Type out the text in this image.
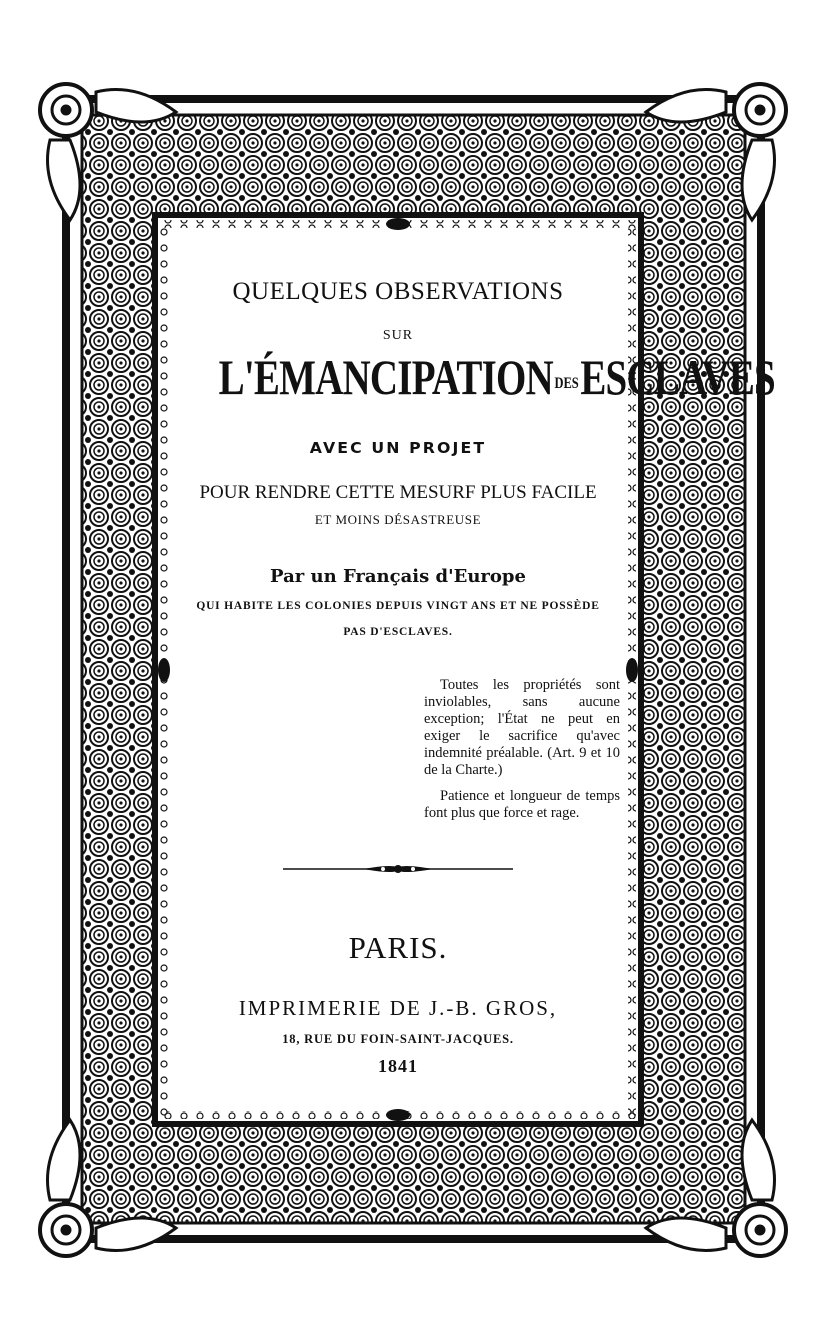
QUELQUES OBSERVATIONS
SUR
L'ÉMANCIPATIONDESESCLAVES
AVEC UN PROJET
POUR RENDRE CETTE MESURF PLUS FACILE
ET MOINS DÉSASTREUSE
Par un Français d'Europe
QUI HABITE LES COLONIES DEPUIS VINGT ANS ET NE POSSÈDE
PAS D'ESCLAVES.

Toutes les propriétés sont inviolables, sans aucune exception; l'État ne peut en exiger le sacrifice qu'avec indemnité préalable. (Art. 9 et 10 de la Charte.)

Patience et longueur de temps font plus que force et rage.

PARIS.
IMPRIMERIE DE J.-B. GROS,
18, RUE DU FOIN-SAINT-JACQUES.
1841
